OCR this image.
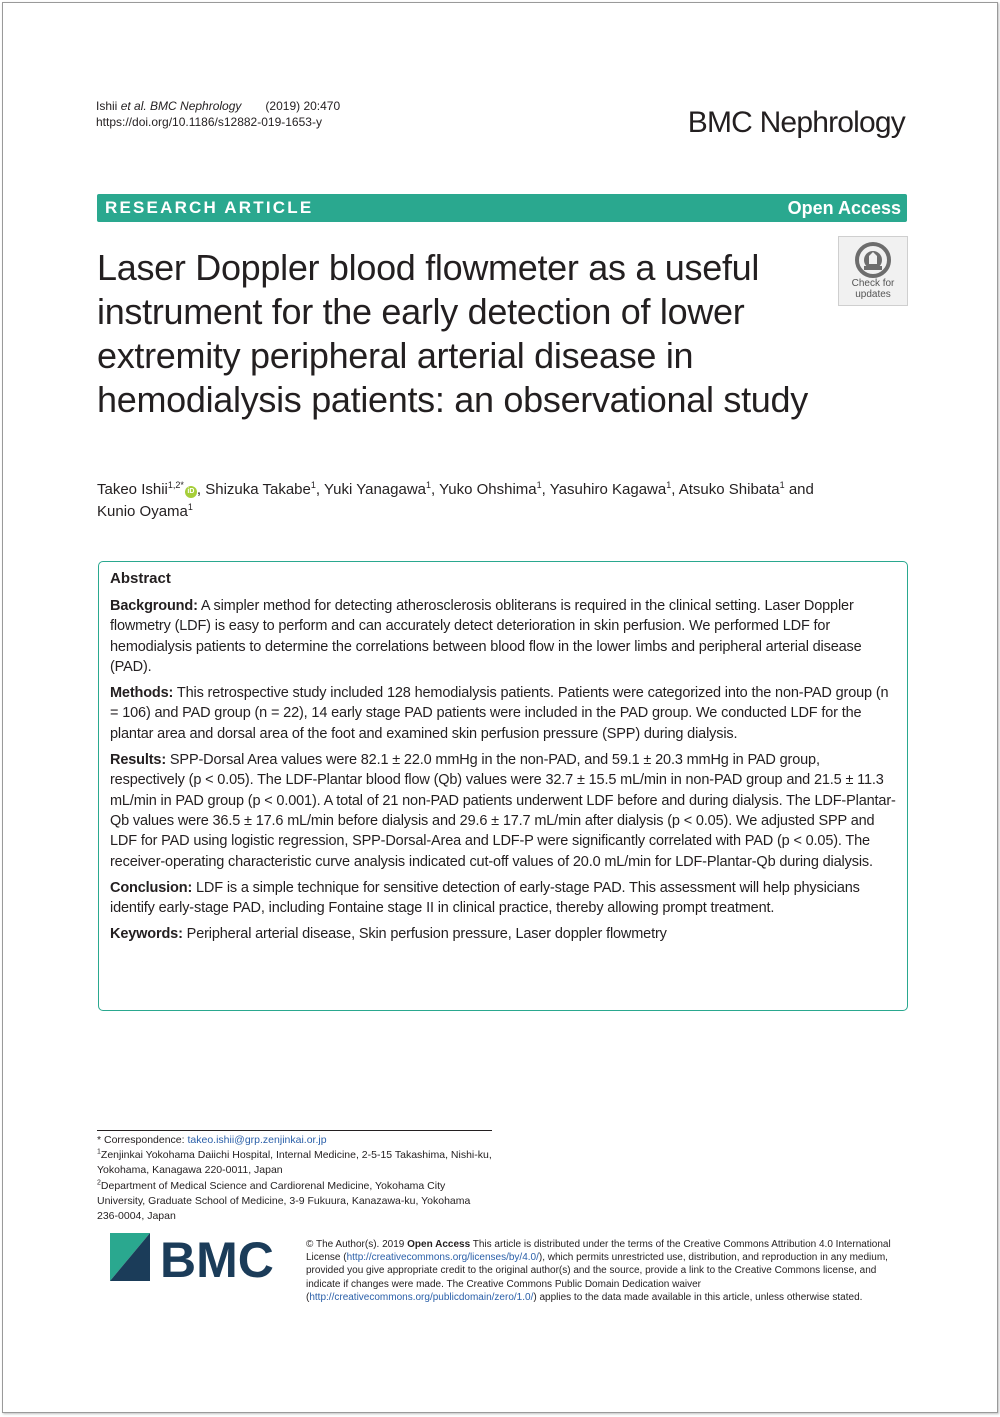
Ishii et al. BMC Nephrology (2019) 20:470
https://doi.org/10.1186/s12882-019-1653-y	BMC Nephrology
RESEARCH ARTICLE	Open Access
Laser Doppler blood flowmeter as a useful instrument for the early detection of lower extremity peripheral arterial disease in hemodialysis patients: an observational study
Check for
updates
Takeo Ishii$^{1,2*}$iD , Shizuka Takabe$^1$, Yuki Yanagawa$^1$, Yuko Ohshima$^1$, Yasuhiro Kagawa$^1$, Atsuko Shibata$^1$ and
Kunio Oyama$^1$
Abstract

Background: A simpler method for detecting atherosclerosis obliterans is required in the clinical setting. Laser Doppler flowmetry (LDF) is easy to perform and can accurately detect deterioration in skin perfusion. We performed LDF for hemodialysis patients to determine the correlations between blood flow in the lower limbs and peripheral arterial disease (PAD).

Methods: This retrospective study included 128 hemodialysis patients. Patients were categorized into the non-PAD group (n = 106) and PAD group (n = 22), 14 early stage PAD patients were included in the PAD group. We conducted LDF for the plantar area and dorsal area of the foot and examined skin perfusion pressure (SPP) during dialysis.

Results: SPP-Dorsal Area values were 82.1 ± 22.0 mmHg in the non-PAD, and 59.1 ± 20.3 mmHg in PAD group, respectively (p < 0.05). The LDF-Plantar blood flow (Qb) values were 32.7 ± 15.5 mL/min in non-PAD group and 21.5 ± 11.3 mL/min in PAD group (p < 0.001). A total of 21 non-PAD patients underwent LDF before and during dialysis. The LDF-Plantar-Qb values were 36.5 ± 17.6 mL/min before dialysis and 29.6 ± 17.7 mL/min after dialysis (p < 0.05). We adjusted SPP and LDF for PAD using logistic regression, SPP-Dorsal-Area and LDF-P were significantly correlated with PAD (p < 0.05). The receiver-operating characteristic curve analysis indicated cut-off values of 20.0 mL/min for LDF-Plantar-Qb during dialysis.

Conclusion: LDF is a simple technique for sensitive detection of early-stage PAD. This assessment will help physicians identify early-stage PAD, including Fontaine stage II in clinical practice, thereby allowing prompt treatment.

Keywords: Peripheral arterial disease, Skin perfusion pressure, Laser doppler flowmetry

* Correspondence: takeo.ishii@grp.zenjinkai.or.jp

$^1$Zenjinkai Yokohama Daiichi Hospital, Internal Medicine, 2-5-15 Takashima, Nishi-ku, Yokohama, Kanagawa 220-0011, Japan

$^2$Department of Medical Science and Cardiorenal Medicine, Yokohama City University, Graduate School of Medicine, 3-9 Fukuura, Kanazawa-ku, Yokohama 236-0004, Japan

BMC	© The Author(s). 2019 Open Access This article is distributed under the terms of the Creative Commons Attribution 4.0 International License (http://creativecommons.org/licenses/by/4.0/), which permits unrestricted use, distribution, and reproduction in any medium, provided you give appropriate credit to the original author(s) and the source, provide a link to the Creative Commons license, and indicate if changes were made. The Creative Commons Public Domain Dedication waiver (http://creativecommons.org/publicdomain/zero/1.0/) applies to the data made available in this article, unless otherwise stated.
